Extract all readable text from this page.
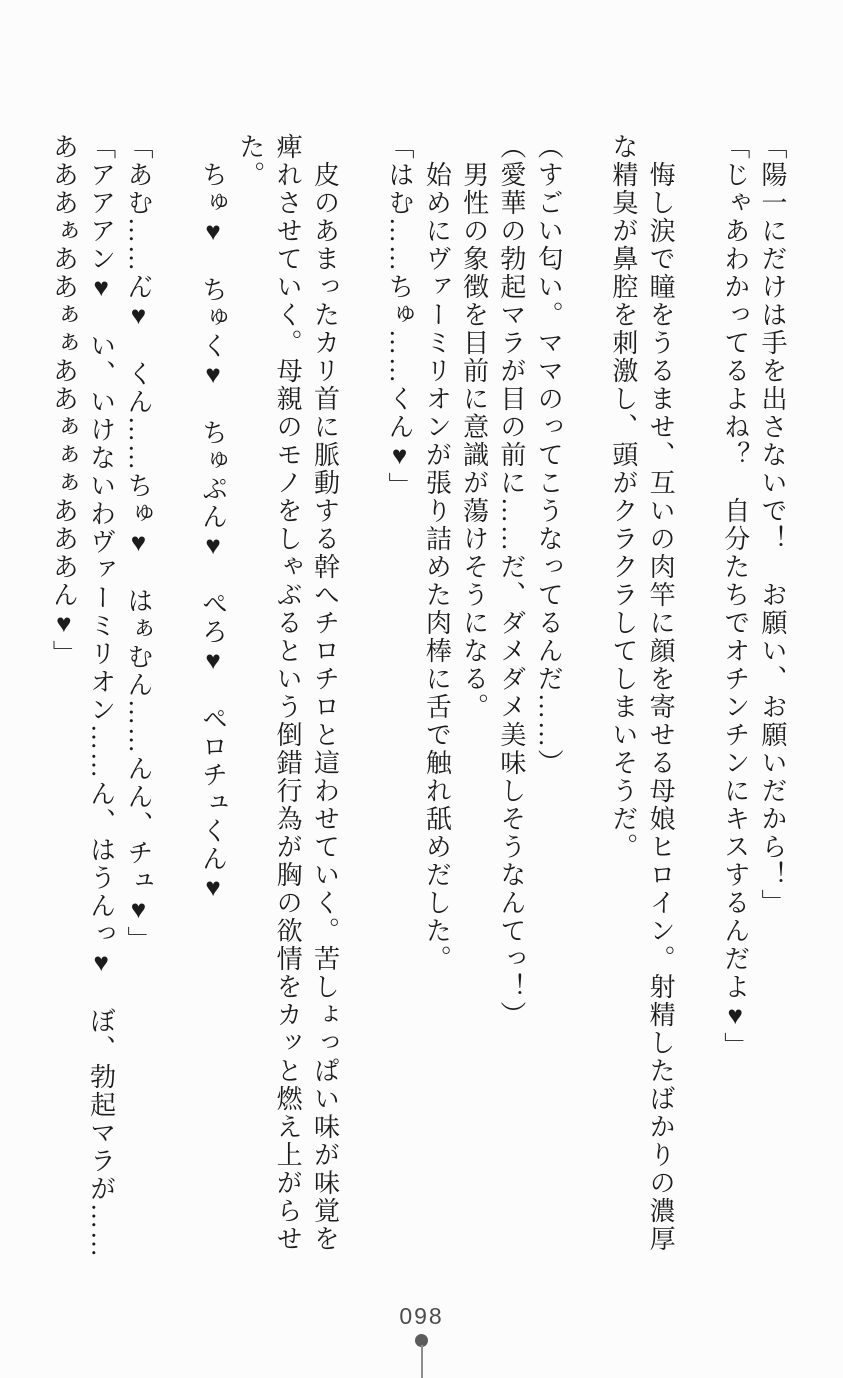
「陽一にだけは手を出さないで！　お願い、お願いだから！」

「じゃあわかってるよね？　自分たちでオチンチンにキスするんだよ♥」

　悔し涙で瞳をうるませ、互いの肉竿に顔を寄せる母娘ヒロイン。射精したばかりの濃厚

な精臭が鼻腔を刺激し、頭がクラクラしてしまいそうだ。

（すごい匂い。ママのってこうなってるんだ……）

（愛華の勃起マラが目の前に……だ、ダメダメ美味しそうなんてっ！）

　男性の象徴を目前に意識が蕩けそうになる。

　始めにヴァーミリオンが張り詰めた肉棒に舌で触れ舐めだした。

「はむ……ちゅ……くん♥」

　皮のあまったカリ首に脈動する幹へチロチロと這わせていく。苦しょっぱい味が味覚を

痺れさせていく。母親のモノをしゃぶるという倒錯行為が胸の欲情をカッと燃え上がらせ

た。

　ちゅ♥　ちゅく♥　ちゅぷん♥　ぺろ♥　ペロチュくん♥

「あむ……ん゙♥　くん……ちゅ♥　はぁむん……んん、チュ♥」

「アアアン♥　い、いけないわヴァーミリオン……ん、はうんっ♥　ぼ、勃起マラが……

あああぁああぁぁああぁぁぁあああん♥」

098
